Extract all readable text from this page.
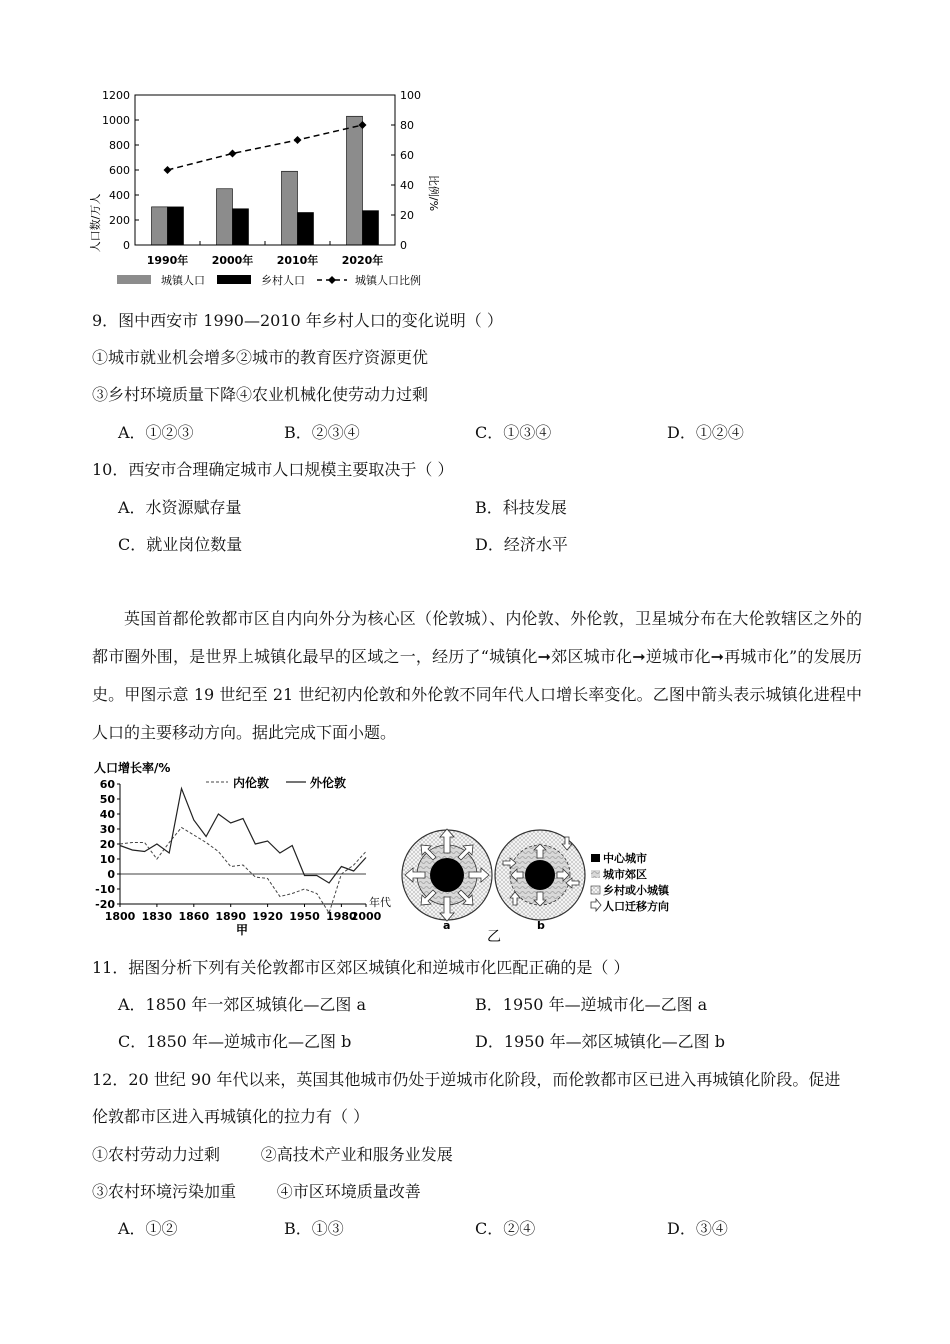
0
200
400
600
800
1000
1200
0
20
40
60
80
100
1990年 2000年 2010年 2020年
人口数/万人
比例/%
城镇人口	乡村人口	城镇人口比例
9．图中西安市 1990—2010 年乡村人口的变化说明（ ）
①城市就业机会增多②城市的教育医疗资源更优
③乡村环境质量下降④农业机械化使劳动力过剩
A．①②③	B．②③④	C．①③④	D．①②④
10．西安市合理确定城市人口规模主要取决于（ ）
A．水资源赋存量	B．科技发展
C．就业岗位数量	D．经济水平
英国首都伦敦都市区自内向外分为核心区（伦敦城）、内伦敦、外伦敦，卫星城分布在大伦敦辖区之外的都市圈外围，是世界上城镇化最早的区域之一，经历了“城镇化➞郊区城市化➞逆城市化➞再城市化”的发展历史。甲图示意 19 世纪至 21 世纪初内伦敦和外伦敦不同年代人口增长率变化。乙图中箭头表示城镇化进程中人口的主要移动方向。据此完成下面小题。
人口增长率/%
内伦敦	外伦敦
60
50
40
30
20
10
0
-10
-20
1800 1830 1860 1890 1920 1950 1980
2000
年代
甲	a	b
乙
中心城市
城市郊区
乡村或小城镇
人口迁移方向
11．据图分析下列有关伦敦都市区郊区城镇化和逆城市化匹配正确的是（ ）
A．1850 年一郊区城镇化—乙图 a	B．1950 年—逆城市化—乙图 a
C．1850 年—逆城市化—乙图 b	D．1950 年—郊区城镇化—乙图 b
12．20 世纪 90 年代以来，英国其他城市仍处于逆城市化阶段，而伦敦都市区已进入再城镇化阶段。促进
伦敦都市区进入再城镇化的拉力有（ ）
①农村劳动力过剩        ②高技术产业和服务业发展
③农村环境污染加重        ④市区环境质量改善
A．①②	B．①③	C．②④	D．③④
